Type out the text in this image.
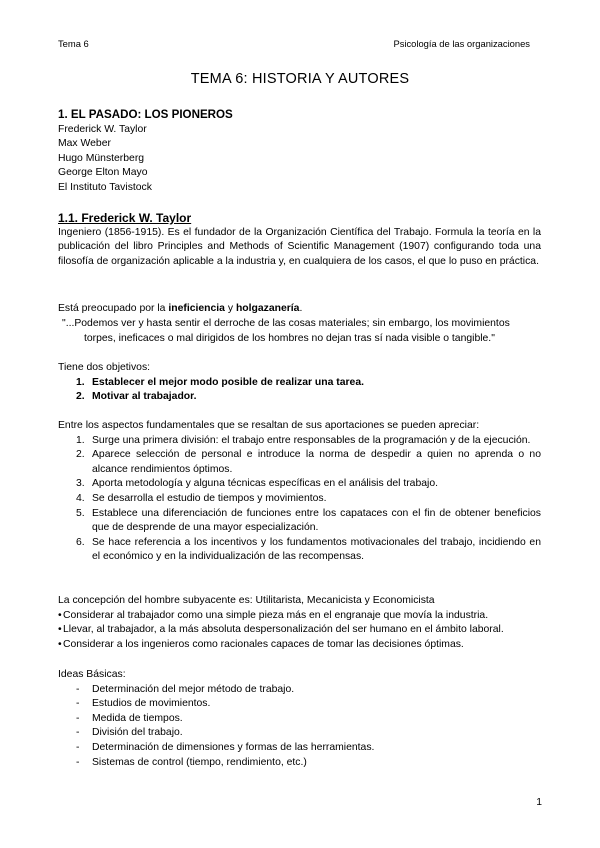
Tema 6	Psicología de las organizaciones
TEMA 6: HISTORIA Y AUTORES
1. EL PASADO: LOS PIONEROS
Frederick W. Taylor
Max Weber
Hugo Münsterberg
George Elton Mayo
El Instituto Tavistock
1.1. Frederick W. Taylor
Ingeniero (1856-1915). Es el fundador de la Organización Científica del Trabajo. Formula la teoría en la publicación del libro Principles and Methods of Scientific Management (1907) configurando toda una filosofía de organización aplicable a la industria y, en cualquiera de los casos, el que lo puso en práctica.
Está preocupado por la ineficiencia y holgazanería.
"...Podemos ver y hasta sentir el derroche de las cosas materiales; sin embargo, los movimientos
torpes, ineficaces o mal dirigidos de los hombres no dejan tras sí nada visible o tangible."
Tiene dos objetivos:
1. Establecer el mejor modo posible de realizar una tarea.
2. Motivar al trabajador.
Entre los aspectos fundamentales que se resaltan de sus aportaciones se pueden apreciar:
1. Surge una primera división: el trabajo entre responsables de la programación y de la ejecución.
2. Aparece selección de personal e introduce la norma de despedir a quien no aprenda o no alcance rendimientos óptimos.
3. Aporta metodología y alguna técnicas específicas en el análisis del trabajo.
4. Se desarrolla el estudio de tiempos y movimientos.
5. Establece una diferenciación de funciones entre los capataces con el fin de obtener beneficios que de desprende de una mayor especialización.
6. Se hace referencia a los incentivos y los fundamentos motivacionales del trabajo, incidiendo en el económico y en la individualización de las recompensas.
La concepción del hombre subyacente es: Utilitarista, Mecanicista y Economicista
• Considerar al trabajador como una simple pieza más en el engranaje que movía la industria.
• Llevar, al trabajador, a la más absoluta despersonalización del ser humano en el ámbito laboral.
• Considerar a los ingenieros como racionales capaces de tomar las decisiones óptimas.
Ideas Básicas:
- Determinación del mejor método de trabajo.
- Estudios de movimientos.
- Medida de tiempos.
- División del trabajo.
- Determinación de dimensiones y formas de las herramientas.
- Sistemas de control (tiempo, rendimiento, etc.)
1
